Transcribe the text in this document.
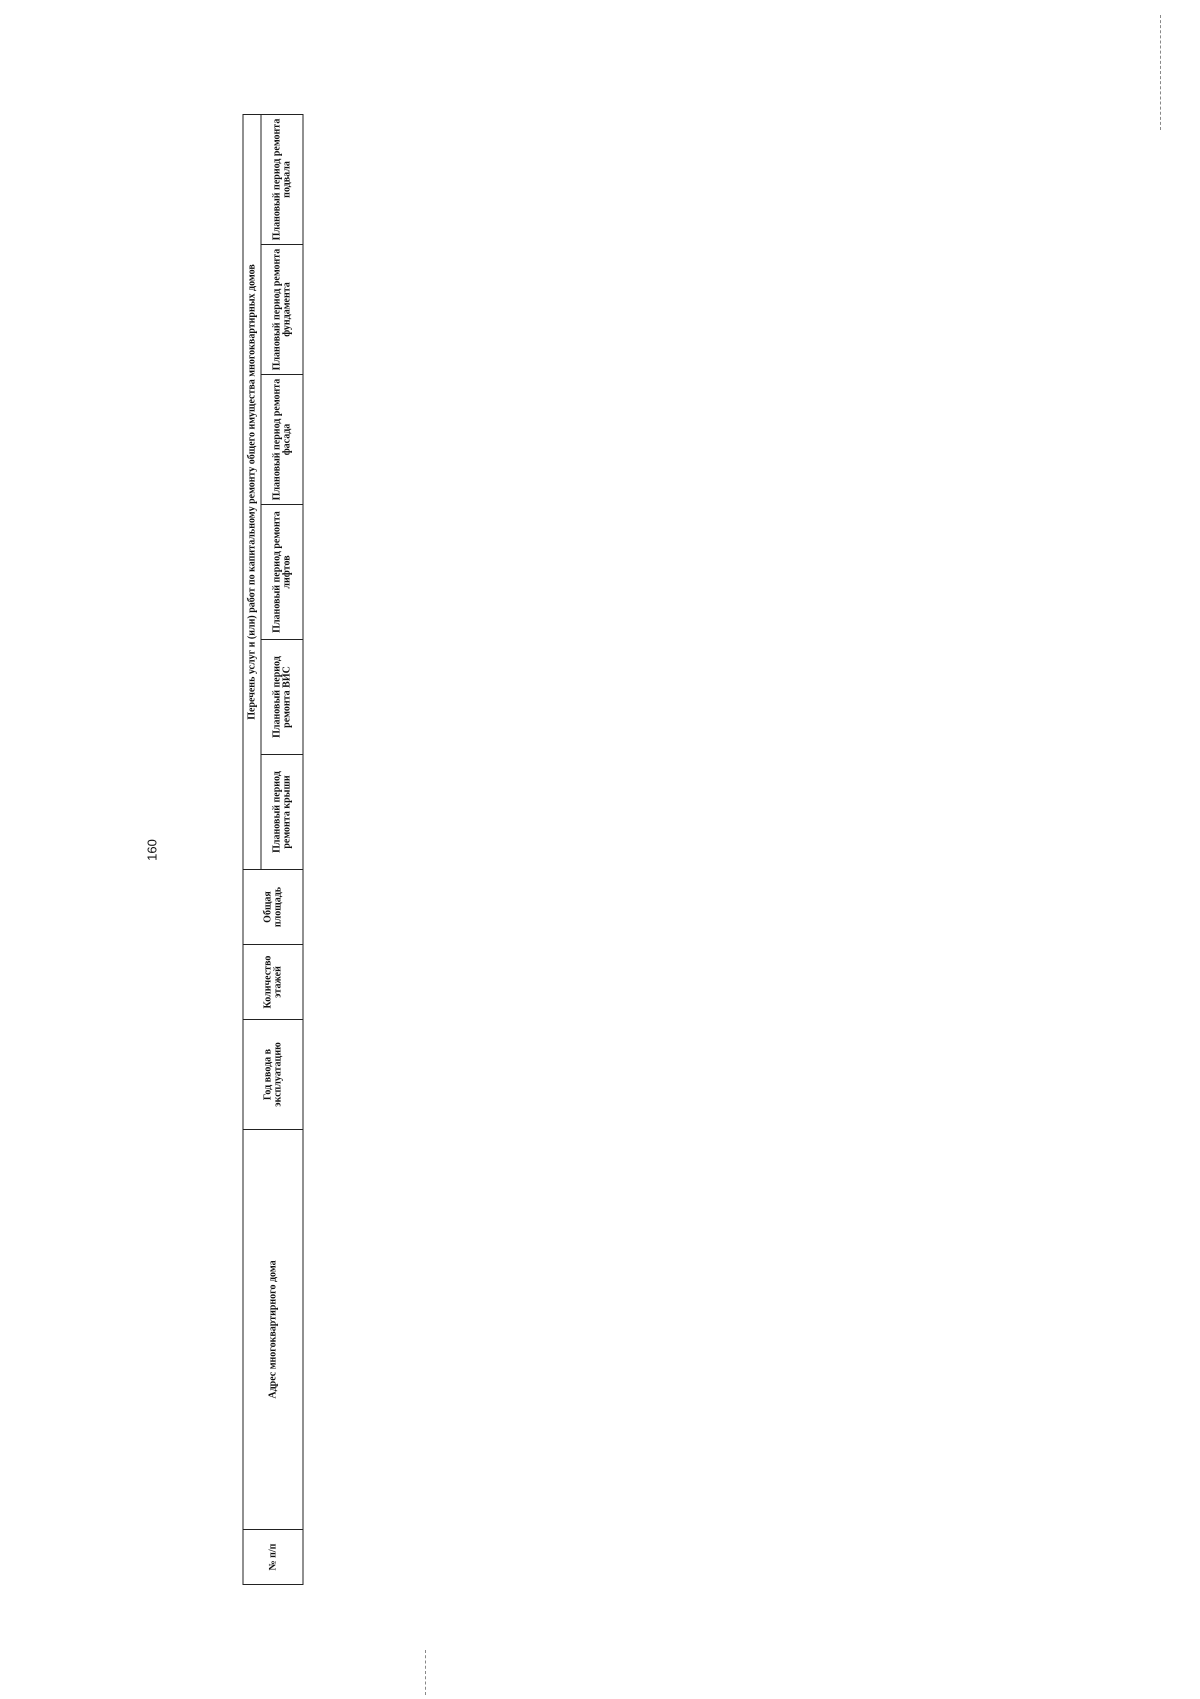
160
№ п/п	Адрес многоквартирного дома	Год ввода в эксплуатацию	Количество этажей	Общая площадь	Перечень услуг и (или) работ по капитальному ремонту общего имущества многоквартирных домов					
					Плановый период ремонта крыши	Плановый период ремонта ВИС	Плановый период ремонта лифтов	Плановый период ремонта фасада	Плановый период ремонта фундамента	Плановый период ремонта подвала
